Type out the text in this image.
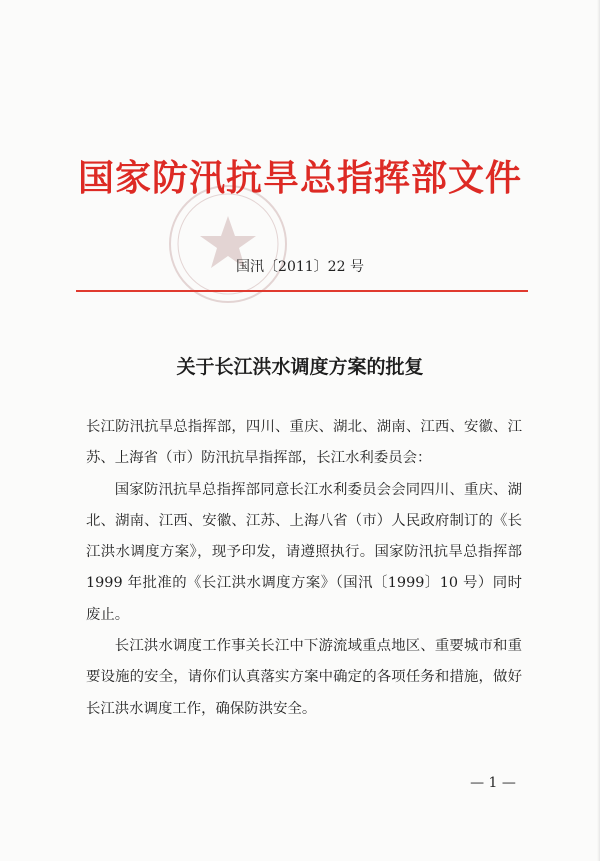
国家防汛抗旱总指挥部文件
国汛〔2011〕22 号
关于长江洪水调度方案的批复

长江防汛抗旱总指挥部，四川、重庆、湖北、湖南、江西、安徽、江苏、上海省（市）防汛抗旱指挥部，长江水利委员会：

国家防汛抗旱总指挥部同意长江水利委员会会同四川、重庆、湖北、湖南、江西、安徽、江苏、上海八省（市）人民政府制订的《长江洪水调度方案》，现予印发，请遵照执行。国家防汛抗旱总指挥部1999 年批准的《长江洪水调度方案》（国汛〔1999〕10 号）同时废止。

长江洪水调度工作事关长江中下游流域重点地区、重要城市和重要设施的安全，请你们认真落实方案中确定的各项任务和措施，做好长江洪水调度工作，确保防洪安全。

— 1 —
